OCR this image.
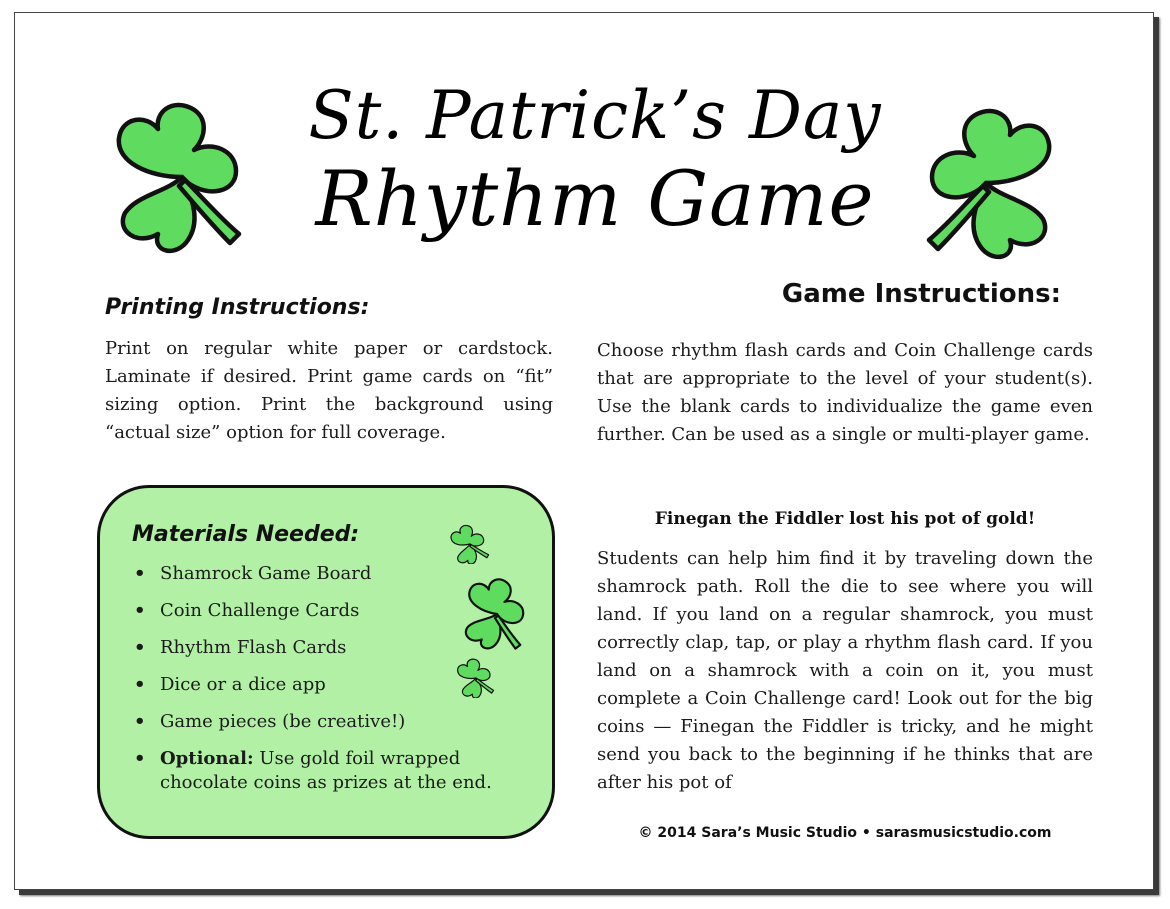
St. Patrick’s Day
Rhythm Game
Printing Instructions:
Print on regular white paper or cardstock. Laminate if desired. Print game cards on “fit” sizing option. Print the background using “actual size” option for full coverage.
Game Instructions:
Choose rhythm flash cards and Coin Challenge cards that are appropriate to the level of your student(s). Use the blank cards to individualize the game even further. Can be used as a single or multi-player game.
Finegan the Fiddler lost his pot of gold!
Students can help him find it by traveling down the shamrock path. Roll the die to see where you will land. If you land on a regular shamrock, you must correctly clap, tap, or play a rhythm flash card. If you land on a shamrock with a coin on it, you must complete a Coin Challenge card! Look out for the big coins — Finegan the Fiddler is tricky, and he might send you back to the beginning if he thinks that are after his pot of
Materials Needed:
• Shamrock Game Board
• Coin Challenge Cards
• Rhythm Flash Cards
• Dice or a dice app
• Game pieces (be creative!)
• Optional: Use gold foil wrapped chocolate coins as prizes at the end.
© 2014 Sara’s Music Studio • sarasmusicstudio.com
